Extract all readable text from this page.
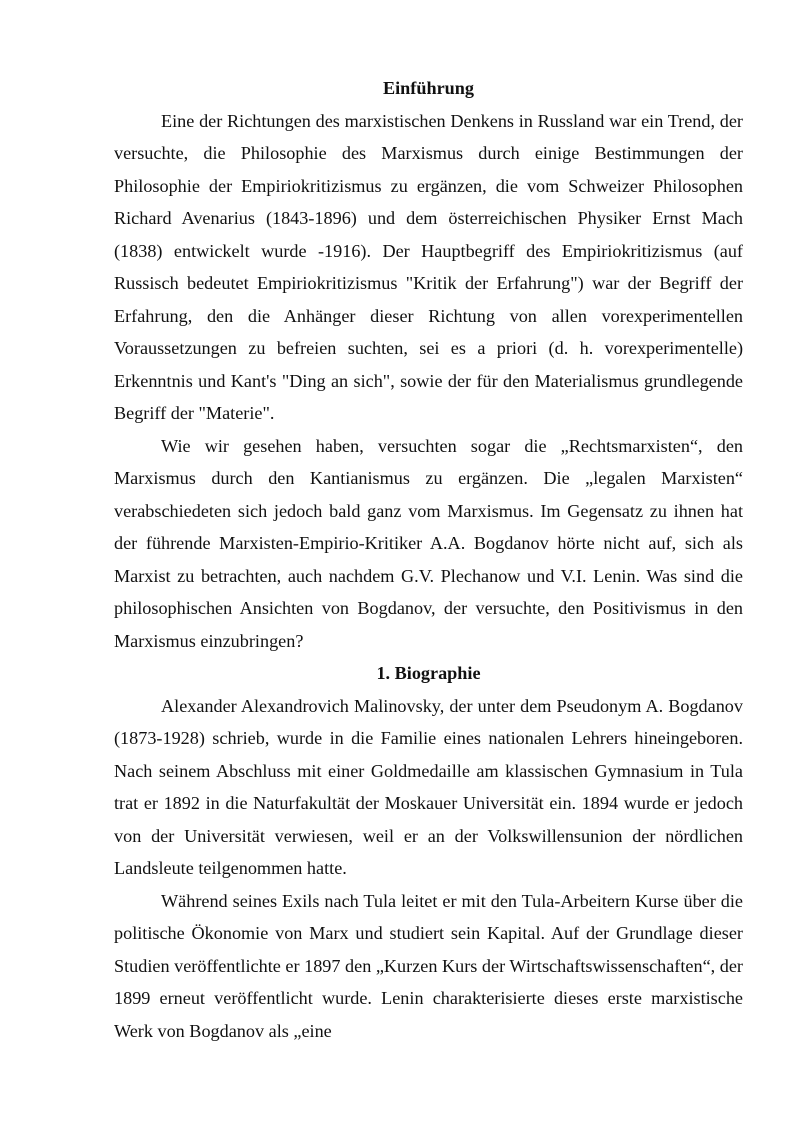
Einführung

Eine der Richtungen des marxistischen Denkens in Russland war ein Trend, der versuchte, die Philosophie des Marxismus durch einige Bestimmungen der Philosophie der Empiriokritizismus zu ergänzen, die vom Schweizer Philosophen Richard Avenarius (1843-1896) und dem österreichischen Physiker Ernst Mach (1838) entwickelt wurde -1916). Der Hauptbegriff des Empiriokritizismus (auf Russisch bedeutet Empiriokritizismus "Kritik der Erfahrung") war der Begriff der Erfahrung, den die Anhänger dieser Richtung von allen vorexperimentellen Voraussetzungen zu befreien suchten, sei es a priori (d. h. vorexperimentelle) Erkenntnis und Kant's "Ding an sich", sowie der für den Materialismus grundlegende Begriff der "Materie".

Wie wir gesehen haben, versuchten sogar die „Rechtsmarxisten“, den Marxismus durch den Kantianismus zu ergänzen. Die „legalen Marxisten“ verabschiedeten sich jedoch bald ganz vom Marxismus. Im Gegensatz zu ihnen hat der führende Marxisten-Empirio-Kritiker A.A. Bogdanov hörte nicht auf, sich als Marxist zu betrachten, auch nachdem G.V. Plechanow und V.I. Lenin. Was sind die philosophischen Ansichten von Bogdanov, der versuchte, den Positivismus in den Marxismus einzubringen?

1. Biographie

Alexander Alexandrovich Malinovsky, der unter dem Pseudonym A. Bogdanov (1873-1928) schrieb, wurde in die Familie eines nationalen Lehrers hineingeboren. Nach seinem Abschluss mit einer Goldmedaille am klassischen Gymnasium in Tula trat er 1892 in die Naturfakultät der Moskauer Universität ein. 1894 wurde er jedoch von der Universität verwiesen, weil er an der Volkswillensunion der nördlichen Landsleute teilgenommen hatte.

Während seines Exils nach Tula leitet er mit den Tula-Arbeitern Kurse über die politische Ökonomie von Marx und studiert sein Kapital. Auf der Grundlage dieser Studien veröffentlichte er 1897 den „Kurzen Kurs der Wirtschaftswissenschaften“, der 1899 erneut veröffentlicht wurde. Lenin charakterisierte dieses erste marxistische Werk von Bogdanov als „eine
